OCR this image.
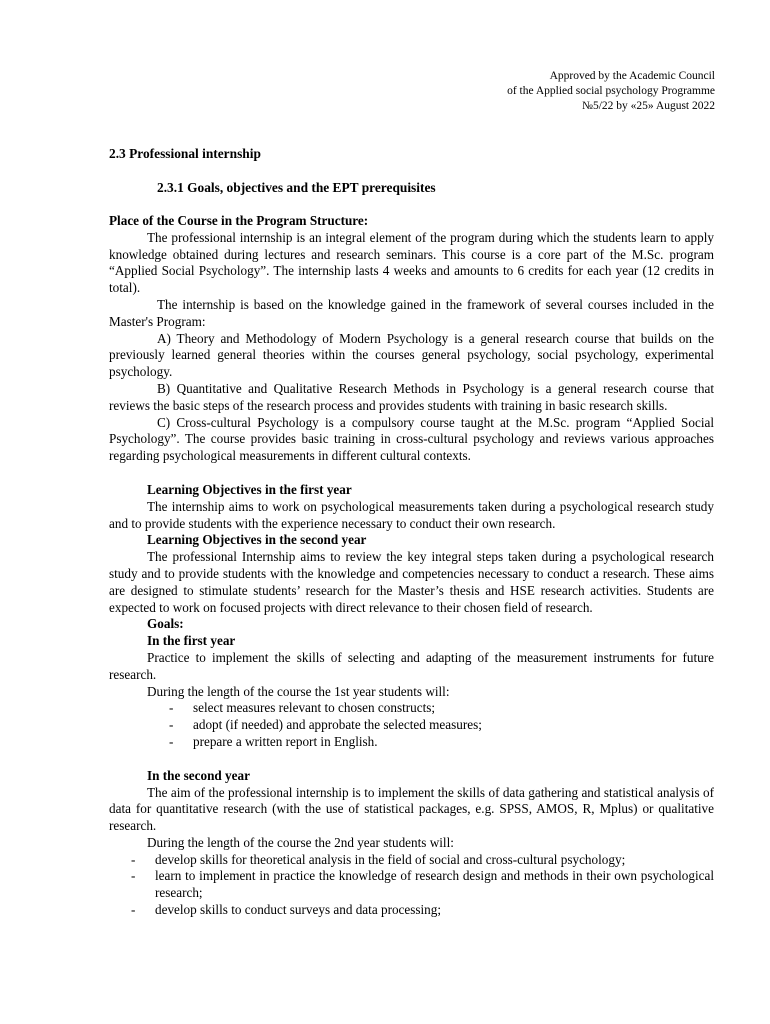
Approved by the Academic Council
of the Applied social psychology Programme
№5/22 by «25» August 2022
2.3 Professional internship
2.3.1 Goals, objectives and the EPT prerequisites

Place of the Course in the Program Structure:

The professional internship is an integral element of the program during which the students learn to apply knowledge obtained during lectures and research seminars. This course is a core part of the M.Sc. program “Applied Social Psychology”. The internship lasts 4 weeks and amounts to 6 credits for each year (12 credits in total).

The internship is based on the knowledge gained in the framework of several courses included in the Master's Program:

A) Theory and Methodology of Modern Psychology is a general research course that builds on the previously learned general theories within the courses general psychology, social psychology, experimental psychology.

B) Quantitative and Qualitative Research Methods in Psychology is a general research course that reviews the basic steps of the research process and provides students with training in basic research skills.

C) Cross-cultural Psychology is a compulsory course taught at the M.Sc. program “Applied Social Psychology”. The course provides basic training in cross-cultural psychology and reviews various approaches regarding psychological measurements in different cultural contexts.

Learning Objectives in the first year

The internship aims to work on psychological measurements taken during a psychological research study and to provide students with the experience necessary to conduct their own research.

Learning Objectives in the second year

The professional Internship aims to review the key integral steps taken during a psychological research study and to provide students with the knowledge and competencies necessary to conduct a research. These aims are designed to stimulate students’ research for the Master’s thesis and HSE research activities. Students are expected to work on focused projects with direct relevance to their chosen field of research.

Goals:

In the first year

Practice to implement the skills of selecting and adapting of the measurement instruments for future research.

During the length of the course the 1st year students will:

- select measures relevant to chosen constructs;
- adopt (if needed) and approbate the selected measures;
- prepare a written report in English.

In the second year

The aim of the professional internship is to implement the skills of data gathering and statistical analysis of data for quantitative research (with the use of statistical packages, e.g. SPSS, AMOS, R, Mplus) or qualitative research.

During the length of the course the 2nd year students will:

- develop skills for theoretical analysis in the field of social and cross-cultural psychology;
- learn to implement in practice the knowledge of research design and methods in their own psychological research;
- develop skills to conduct surveys and data processing;
